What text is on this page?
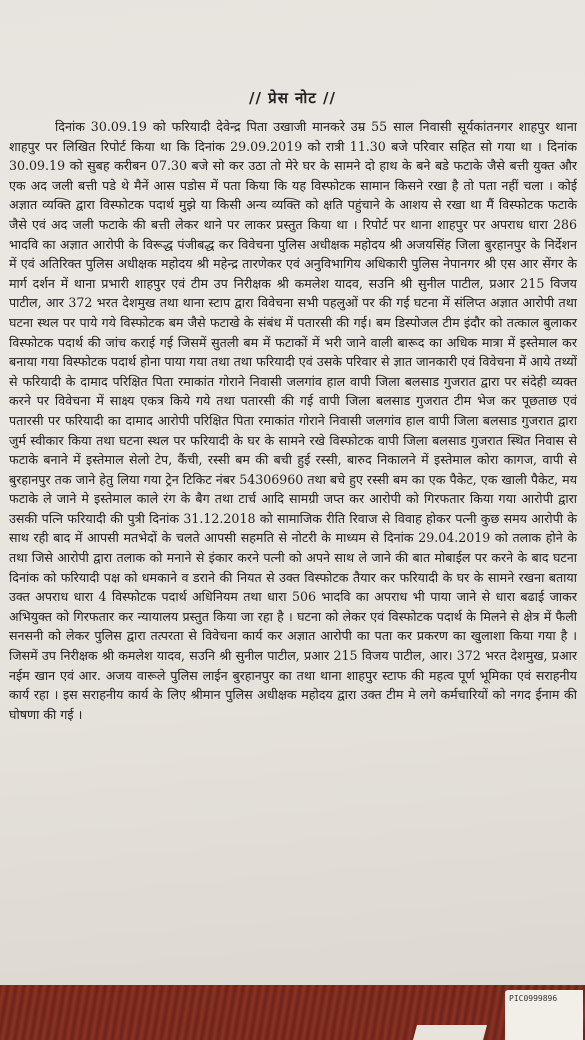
// प्रेस नोट //
दिनांक 30.09.19 को फरियादी देवेन्द्र पिता उखाजी मानकरे उम्र 55 साल निवासी सूर्यकांतनगर शाहपुर थाना शाहपुर पर लिखित रिपोर्ट किया था कि दिनांक 29.09.2019 को रात्री 11.30 बजे परिवार सहित सो गया था । दिनांक 30.09.19 को सुबह करीबन 07.30 बजे सो कर उठा तो मेरे घर के सामने दो हाथ के बने बडे फटाके जैसे बत्ती युक्त और एक अद जली बत्ती पडे थे मैनें आस पडोस में पता किया कि यह विस्फोटक सामान किसने रखा है तो पता नहीं चला । कोई अज्ञात व्यक्ति द्वारा विस्फोटक पदार्थ मुझे या किसी अन्य व्यक्ति को क्षति पहुंचाने के आशय से रखा था मैं विस्फोटक फटाके जैसे एवं अद जली फटाके की बत्ती लेकर थाने पर लाकर प्रस्तुत किया था । रिपोर्ट पर थाना शाहपुर पर अपराध धारा 286 भादवि का अज्ञात आरोपी के विरूद्ध पंजीबद्ध कर विवेचना पुलिस अधीक्षक महोदय श्री अजयसिंह जिला बुरहानपुर के निर्देशन में एवं अतिरिक्त पुलिस अधीक्षक महोदय श्री महेन्द्र तारणेकर एवं अनुविभागिय अधिकारी पुलिस नेपानगर श्री एस आर सेंगर के मार्ग दर्शन में थाना प्रभारी शाहपुर एवं टीम उप निरीक्षक श्री कमलेश यादव, सउनि श्री सुनील पाटील, प्रआर 215 विजय पाटील, आर 372 भरत देशमुख तथा थाना स्टाप द्वारा विवेचना सभी पहलुओं पर की गई घटना में संलिप्त अज्ञात आरोपी तथा घटना स्थल पर पाये गये विस्फोटक बम जैसे फटाखे के संबंध में पतारसी की गई। बम डिस्पोजल टीम इंदौर को तत्काल बुलाकर विस्फोटक पदार्थ की जांच कराई गई जिसमें सुतली बम में फटाकों में भरी जाने वाली बारूद का अधिक मात्रा में इस्तेमाल कर बनाया गया विस्फोटक पदार्थ होना पाया गया तथा तथा फरियादी एवं उसके परिवार से ज्ञात जानकारी एवं विवेचना में आये तथ्यों से फरियादी के दामाद परिक्षित पिता रमाकांत गोराने निवासी जलगांव हाल वापी जिला बलसाड गुजरात द्वारा पर संदेही व्यक्त करने पर विवेचना में साक्ष्य एकत्र किये गये तथा पतारसी की गई वापी जिला बलसाड गुजरात टीम भेज कर पूछताछ एवं पतारसी पर फरियादी का दामाद आरोपी परिक्षित पिता रमाकांत गोराने निवासी जलगांव हाल वापी जिला बलसाड गुजरात द्वारा जुर्म स्वीकार किया तथा घटना स्थल पर फरियादी के घर के सामने रखे विस्फोटक वापी जिला बलसाड गुजरात स्थित निवास से फटाके बनाने में इस्तेमाल सेलो टेप, कैंची, रस्सी बम की बची हुई रस्सी, बारुद निकालने में इस्तेमाल कोरा कागज, वापी से बुरहानपुर तक जाने हेतु लिया गया ट्रेन टिकिट नंबर 54306960 तथा बचे हुए रस्सी बम का एक पैकेट, एक खाली पैकेट, मय फटाके ले जाने मे इस्तेमाल काले रंग के बैग तथा टार्च आदि सामग्री जप्त कर आरोपी को गिरफतार किया गया आरोपी द्वारा उसकी पत्नि फरियादी की पुत्री दिनांक 31.12.2018 को सामाजिक रीति रिवाज से विवाह होकर पत्नी कुछ समय आरोपी के साथ रही बाद में आपसी मतभेदों के चलते आपसी सहमति से नोटरी के माध्यम से दिनांक 29.04.2019 को तलाक होने के तथा जिसे आरोपी द्वारा तलाक को मनाने से इंकार करने पत्नी को अपने साथ ले जाने की बात मोबाईल पर करने के बाद घटना दिनांक को फरियादी पक्ष को धमकाने व डराने की नियत से उक्त विस्फोटक तैयार कर फरियादी के घर के सामने रखना बताया उक्त अपराध धारा 4 विस्फोटक पदार्थ अधिनियम तथा धारा 506 भादवि का अपराध भी पाया जाने से धारा बढाई जाकर अभियुक्त को गिरफतार कर न्यायालय प्रस्तुत किया जा रहा है । घटना को लेकर एवं विस्फोटक पदार्थ के मिलने से क्षेत्र में फैली सनसनी को लेकर पुलिस द्वारा तत्परता से विवेचना कार्य कर अज्ञात आरोपी का पता कर प्रकरण का खुलाशा किया गया है । जिसमें उप निरीक्षक श्री कमलेश यादव, सउनि श्री सुनील पाटील, प्रआर 215 विजय पाटील, आर। 372 भरत देशमुख, प्रआर नईम खान एवं आर. अजय वारूले पुलिस लाईन बुरहानपुर का तथा थाना शाहपुर स्टाफ की महत्व पूर्ण भूमिका एवं सराहनीय कार्य रहा । इस सराहनीय कार्य के लिए श्रीमान पुलिस अधीक्षक महोदय द्वारा उक्त टीम मे लगे कर्मचारियों को नगद ईनाम की घोषणा की गई ।
PIC0999896
